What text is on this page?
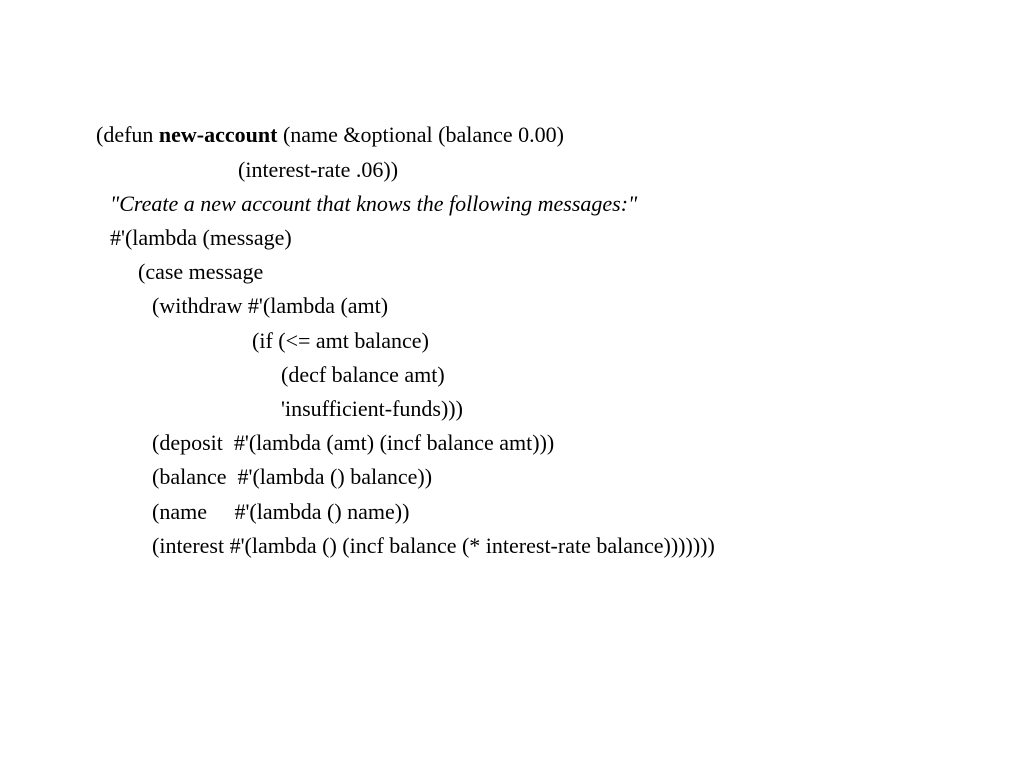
(defun new-account (name &optional (balance 0.00)
(interest-rate .06))
"Create a new account that knows the following messages:"
#'(lambda (message)
(case message
(withdraw #'(lambda (amt)
(if (<= amt balance)
(decf balance amt)
'insufficient-funds)))
(deposit  #'(lambda (amt) (incf balance amt)))
(balance  #'(lambda () balance))
(name     #'(lambda () name))
(interest #'(lambda () (incf balance (* interest-rate balance)))))))
